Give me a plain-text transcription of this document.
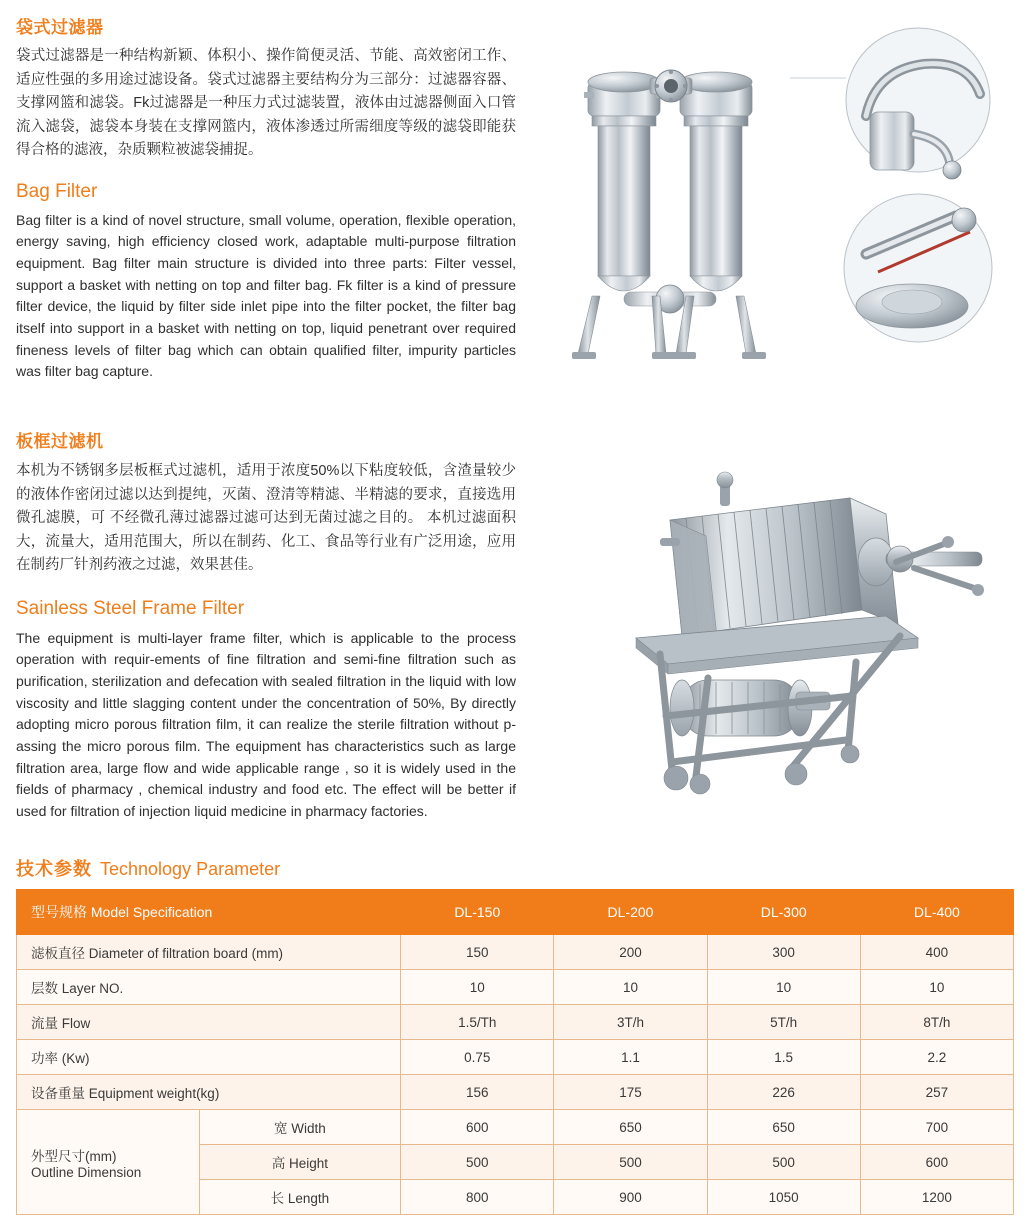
袋式过滤器

袋式过滤器是一种结构新颖、体积小、操作简便灵活、节能、高效密闭工作、适应性强的多用途过滤设备。袋式过滤器主要结构分为三部分：过滤器容器、支撑网篮和滤袋。Fk过滤器是一种压力式过滤装置，液体由过滤器侧面入口管流入滤袋，滤袋本身装在支撑网篮内，液体渗透过所需细度等级的滤袋即能获得合格的滤液，杂质颗粒被滤袋捕捉。

Bag Filter

Bag filter is a kind of novel structure, small volume, operation, flexible operation, energy saving, high efficiency closed work, adaptable multi-purpose filtration equipment. Bag filter main structure is divided into three parts: Filter vessel, support a basket with netting on top and filter bag. Fk filter is a kind of pressure filter device, the liquid by filter side inlet pipe into the filter pocket, the filter bag itself into support in a basket with netting on top, liquid penetrant over required fineness levels of filter bag which can obtain qualified filter, impurity particles was filter bag capture.

板框过滤机

本机为不锈钢多层板框式过滤机，适用于浓度50%以下粘度较低，含渣量较少的液体作密闭过滤以达到提纯，灭菌、澄清等精滤、半精滤的要求，直接选用微孔滤膜，可 不经微孔薄过滤器过滤可达到无菌过滤之目的。 本机过滤面积大，流量大，适用范围大，所以在制药、化工、食品等行业有广泛用途，应用在制药厂针剂药液之过滤，效果甚佳。

Sainless Steel Frame Filter

The equipment is multi-layer frame filter, which is applicable to the process operation with requir-ements of fine filtration and semi-fine filtration such as purification, sterilization and defecation with sealed filtration in the liquid with low viscosity and little slagging content under the concentration of 50%, By directly adopting micro porous filtration film, it can realize the sterile filtration without p-assing the micro porous film. The equipment has characteristics such as large filtration area, large flow and wide applicable range , so it is widely used in the fields of pharmacy , chemical industry and food etc. The effect will be better if used for filtration of injection liquid medicine in pharmacy factories.

技术参数 Technology Parameter
型号规格 Model Specification		DL-150	DL-200	DL-300	DL-400
滤板直径 Diameter of filtration board (mm)		150	200	300	400
层数 Layer NO.		10	10	10	10
流量 Flow		1.5/Th	3T/h	5T/h	8T/h
功率 (Kw)		0.75	1.1	1.5	2.2
设备重量 Equipment weight(kg)		156	175	226	257

外型尺寸(mm)
Outline Dimension	宽 Width	600	650	650	700
	高 Height	500	500	500	600
	长 Length	800	900	1050	1200
